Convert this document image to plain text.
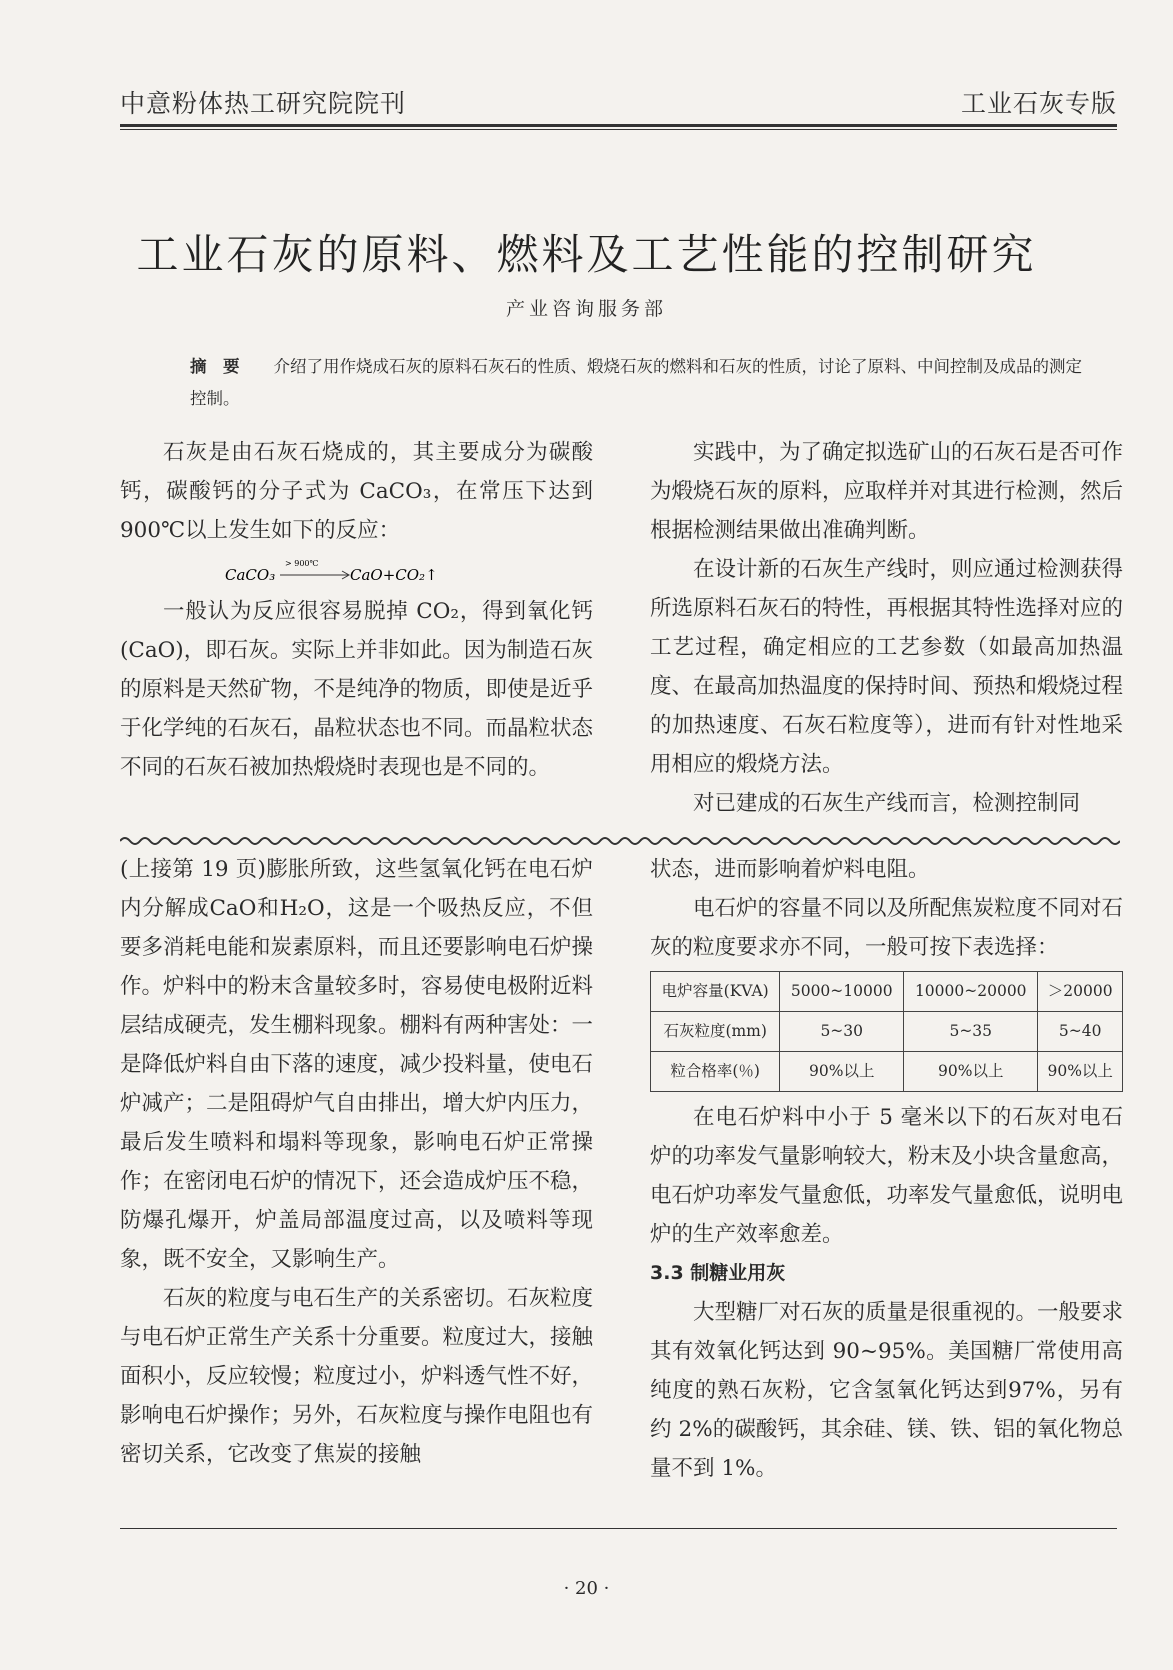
中意粉体热工研究院院刊	工业石灰专版
工业石灰的原料、燃料及工艺性能的控制研究
产业咨询服务部
摘　要 介绍了用作烧成石灰的原料石灰石的性质、煅烧石灰的燃料和石灰的性质，讨论了原料、中间控制及成品的测定控制。

石灰是由石灰石烧成的，其主要成分为碳酸钙，碳酸钙的分子式为 CaCO₃，在常压下达到 900℃以上发生如下的反应：

CaCO₃
> 900℃
CaO+CO₂↑

一般认为反应很容易脱掉 CO₂，得到氧化钙(CaO)，即石灰。实际上并非如此。因为制造石灰的原料是天然矿物，不是纯净的物质，即使是近乎于化学纯的石灰石，晶粒状态也不同。而晶粒状态不同的石灰石被加热煅烧时表现也是不同的。

实践中，为了确定拟选矿山的石灰石是否可作为煅烧石灰的原料，应取样并对其进行检测，然后根据检测结果做出准确判断。

在设计新的石灰生产线时，则应通过检测获得所选原料石灰石的特性，再根据其特性选择对应的工艺过程，确定相应的工艺参数（如最高加热温度、在最高加热温度的保持时间、预热和煅烧过程的加热速度、石灰石粒度等），进而有针对性地采用相应的煅烧方法。

对已建成的石灰生产线而言，检测控制同

(上接第 19 页)膨胀所致，这些氢氧化钙在电石炉内分解成CaO和H₂O，这是一个吸热反应，不但要多消耗电能和炭素原料，而且还要影响电石炉操作。炉料中的粉末含量较多时，容易使电极附近料层结成硬壳，发生棚料现象。棚料有两种害处：一是降低炉料自由下落的速度，减少投料量，使电石炉减产；二是阻碍炉气自由排出，增大炉内压力，最后发生喷料和塌料等现象，影响电石炉正常操作；在密闭电石炉的情况下，还会造成炉压不稳，防爆孔爆开，炉盖局部温度过高，以及喷料等现象，既不安全，又影响生产。

石灰的粒度与电石生产的关系密切。石灰粒度与电石炉正常生产关系十分重要。粒度过大，接触面积小，反应较慢；粒度过小，炉料透气性不好，影响电石炉操作；另外，石灰粒度与操作电阻也有密切关系，它改变了焦炭的接触

状态，进而影响着炉料电阻。

电石炉的容量不同以及所配焦炭粒度不同对石灰的粒度要求亦不同，一般可按下表选择：

电炉容量(KVA)	5000~10000	10000~20000	＞20000
石灰粒度(mm)	5~30	5~35	5~40
粒合格率(％)	90%以上	90%以上	90%以上

在电石炉料中小于 5 毫米以下的石灰对电石炉的功率发气量影响较大，粉末及小块含量愈高，电石炉功率发气量愈低，功率发气量愈低，说明电炉的生产效率愈差。

3.3 制糖业用灰

大型糖厂对石灰的质量是很重视的。一般要求其有效氧化钙达到 90~95%。美国糖厂常使用高纯度的熟石灰粉，它含氢氧化钙达到97%，另有约 2%的碳酸钙，其余硅、镁、铁、铝的氧化物总量不到 1%。

· 20 ·
